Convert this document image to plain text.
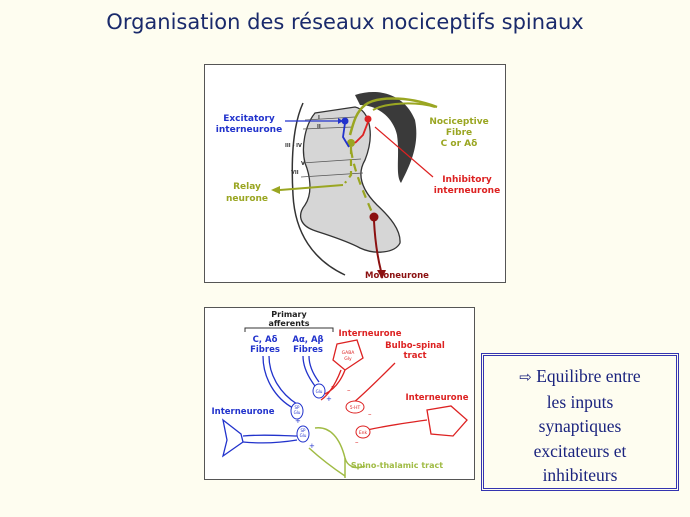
Organisation des réseaux nociceptifs spinaux
I
II
III - IV
V
VII
Excitatory
interneurone
Nociceptive
Fibre
C or Aδ
Inhibitory
interneurone
Relay
neurone
Motoneurone
Primary
afferents
C, Aδ
Fibres
Aα, Aβ
Fibres
SP
Glu
Glu
SP
Glu
+
+
+
Interneurone
Spino-thalamic tract
GABA
Gly
–
Interneurone
Bulbo-spinal
tract
5-HT
–
–
Enk
–
Interneurone
⇨ Equilibre entre
les inputs
synaptiques
excitateurs et
inhibiteurs
